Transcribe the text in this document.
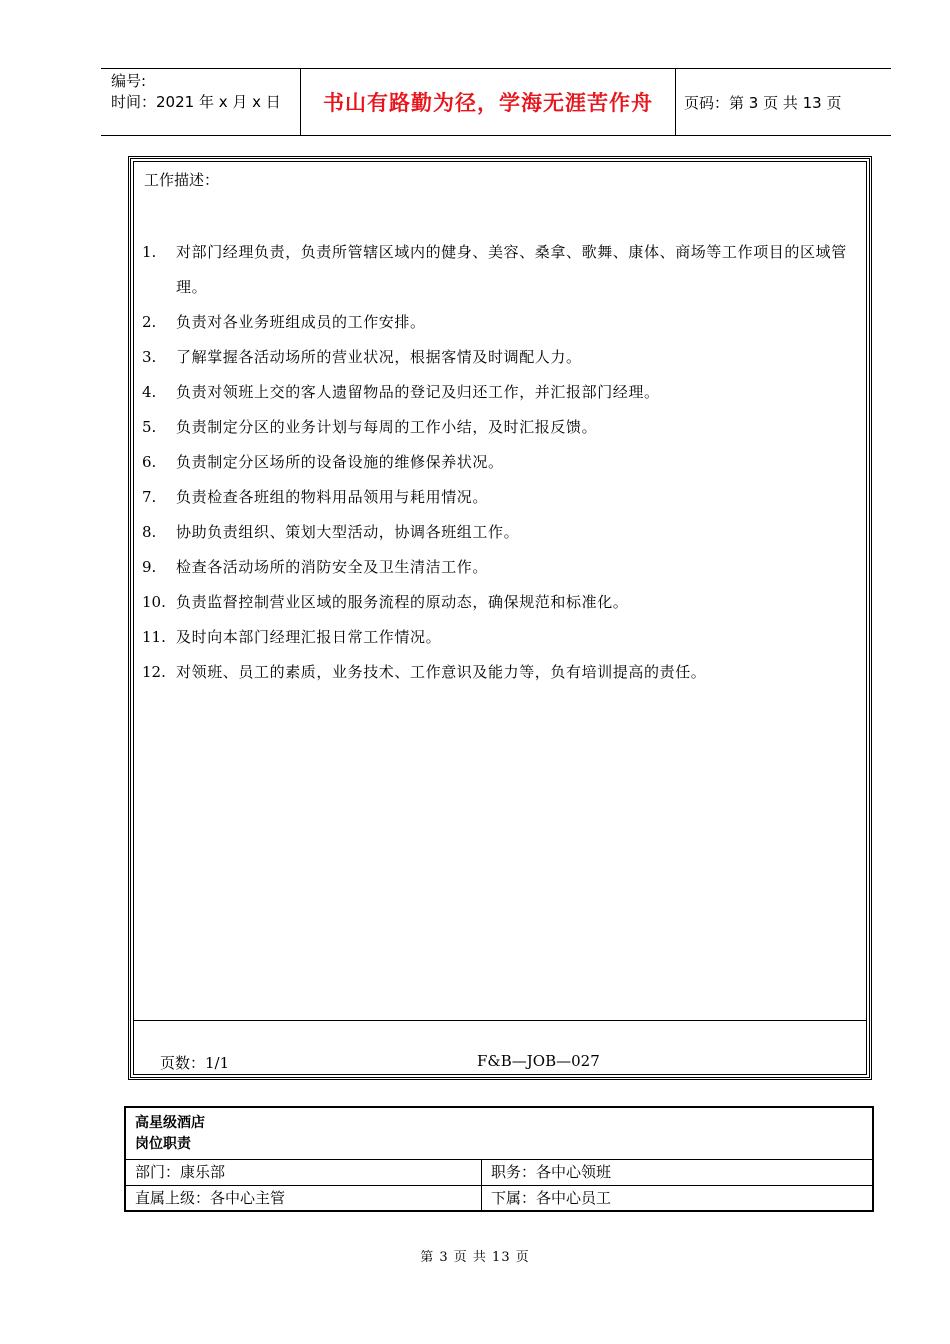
编号:
时间：2021 年 x 月 x 日	书山有路勤为径，学海无涯苦作舟	页码：第 3 页 共 13 页
工作描述：
1.	对部门经理负责，负责所管辖区域内的健身、美容、桑拿、歌舞、康体、商场等工作项目的区域管理。
2.	负责对各业务班组成员的工作安排。
3.	了解掌握各活动场所的营业状况，根据客情及时调配人力。
4.	负责对领班上交的客人遗留物品的登记及归还工作，并汇报部门经理。
5.	负责制定分区的业务计划与每周的工作小结，及时汇报反馈。
6.	负责制定分区场所的设备设施的维修保养状况。
7.	负责检查各班组的物料用品领用与耗用情况。
8.	协助负责组织、策划大型活动，协调各班组工作。
9.	检查各活动场所的消防安全及卫生清洁工作。
10. 负责监督控制营业区域的服务流程的原动态，确保规范和标准化。
11. 及时向本部门经理汇报日常工作情况。
12. 对领班、员工的素质，业务技术、工作意识及能力等，负有培训提高的责任。
页数：1/1	F&B—JOB—027
高星级酒店
岗位职责
部门：康乐部	职务：各中心领班
直属上级：各中心主管	下属：各中心员工
第 3 页 共 13 页
